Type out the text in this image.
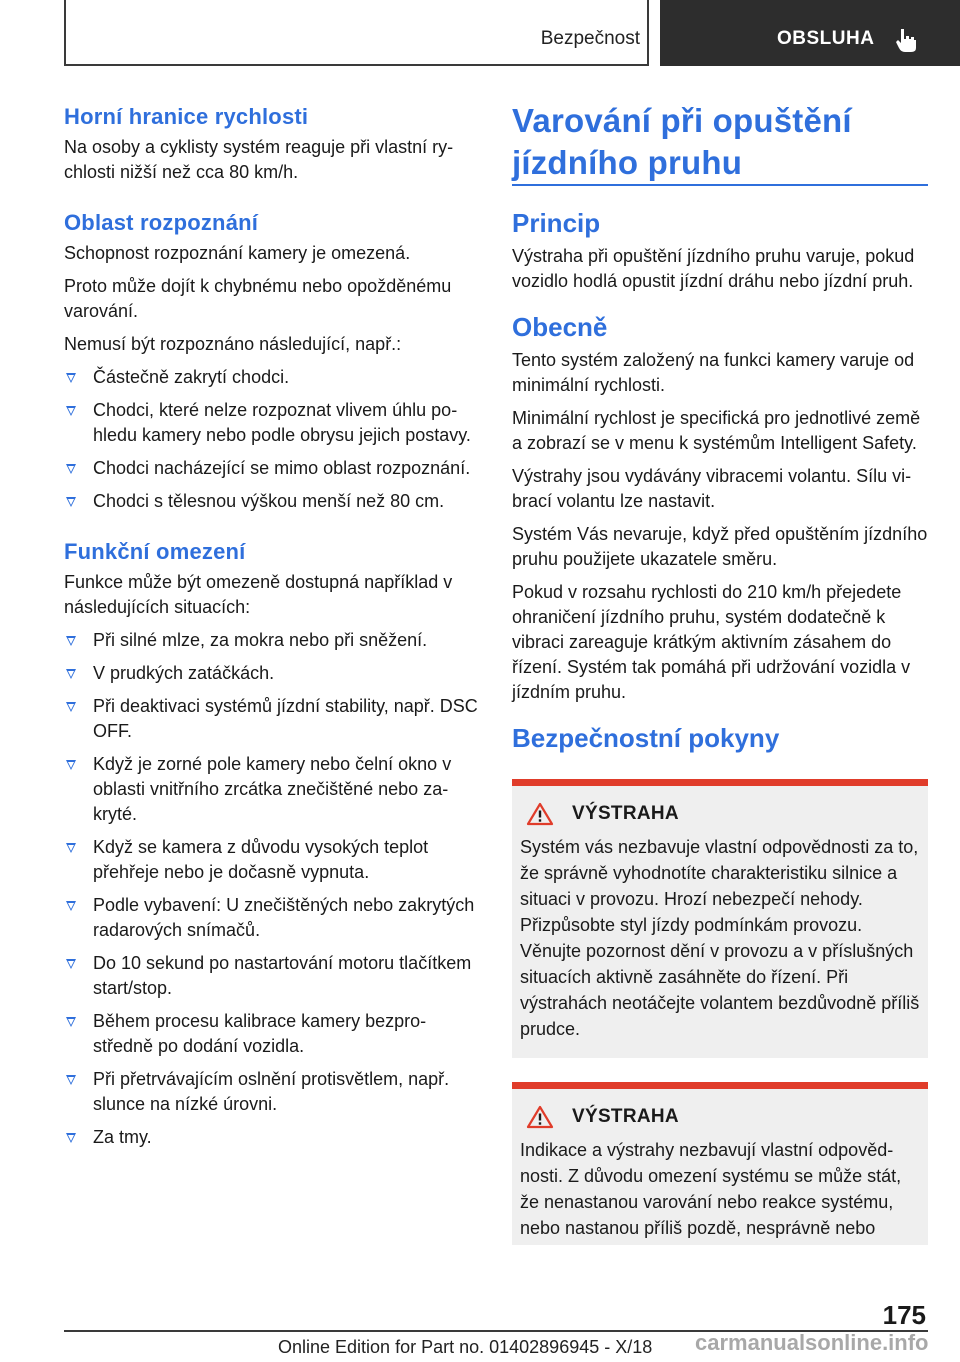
Bezpečnost	OBSLUHA
Horní hranice rychlosti

Na osoby a cyklisty systém reaguje při vlastní rychlosti nižší než cca 80 km/h.

Oblast rozpoznání

Schopnost rozpoznání kamery je omezená.

Proto může dojít k chybnému nebo opožděnému varování.

Nemusí být rozpoznáno následující, např.:

Částečně zakrytí chodci.
Chodci, které nelze rozpoznat vlivem úhlu pohledu kamery nebo podle obrysu jejich postavy.
Chodci nacházející se mimo oblast rozpoznání.
Chodci s tělesnou výškou menší než 80 cm.
Funkční omezení

Funkce může být omezeně dostupná například v následujících situacích:

Při silné mlze, za mokra nebo při sněžení.
V prudkých zatáčkách.
Při deaktivaci systémů jízdní stability, např. DSC OFF.
Když je zorné pole kamery nebo čelní okno v oblasti vnitřního zrcátka znečištěné nebo zakryté.
Když se kamera z důvodu vysokých teplot přehřeje nebo je dočasně vypnuta.
Podle vybavení: U znečištěných nebo zakrytých radarových snímačů.
Do 10 sekund po nastartování motoru tlačítkem start/stop.
Během procesu kalibrace kamery bezprostředně po dodání vozidla.
Při přetrvávajícím oslnění protisvětlem, např. slunce na nízké úrovni.
Za tmy.
Varování při opuštění jízdního pruhu
Princip

Výstraha při opuštění jízdního pruhu varuje, pokud vozidlo hodlá opustit jízdní dráhu nebo jízdní pruh.

Obecně

Tento systém založený na funkci kamery varuje od minimální rychlosti.

Minimální rychlost je specifická pro jednotlivé země a zobrazí se v menu k systémům Intelligent Safety.

Výstrahy jsou vydávány vibracemi volantu. Sílu vibrací volantu lze nastavit.

Systém Vás nevaruje, když před opuštěním jízdního pruhu použijete ukazatele směru.

Pokud v rozsahu rychlosti do 210 km/h přejedete ohraničení jízdního pruhu, systém dodatečně k vibraci zareaguje krátkým aktivním zásahem do řízení. Systém tak pomáhá při udržování vozidla v jízdním pruhu.

Bezpečnostní pokyny
VÝSTRAHA

Systém vás nezbavuje vlastní odpovědnosti za to, že správně vyhodnotíte charakteristiku silnice a situaci v provozu. Hrozí nebezpečí nehody. Přizpůsobte styl jízdy podmínkám provozu. Věnujte pozornost dění v provozu a v příslušných situacích aktivně zasáhněte do řízení. Při výstrahách neotáčejte volantem bezdůvodně příliš prudce.

VÝSTRAHA

Indikace a výstrahy nezbavují vlastní odpovědnosti. Z důvodu omezení systému se může stát, že nenastanou varování nebo reakce systému, nebo nastanou příliš pozdě, nesprávně nebo

175
Online Edition for Part no. 01402896945 - X/18 carmanualsonline.info
